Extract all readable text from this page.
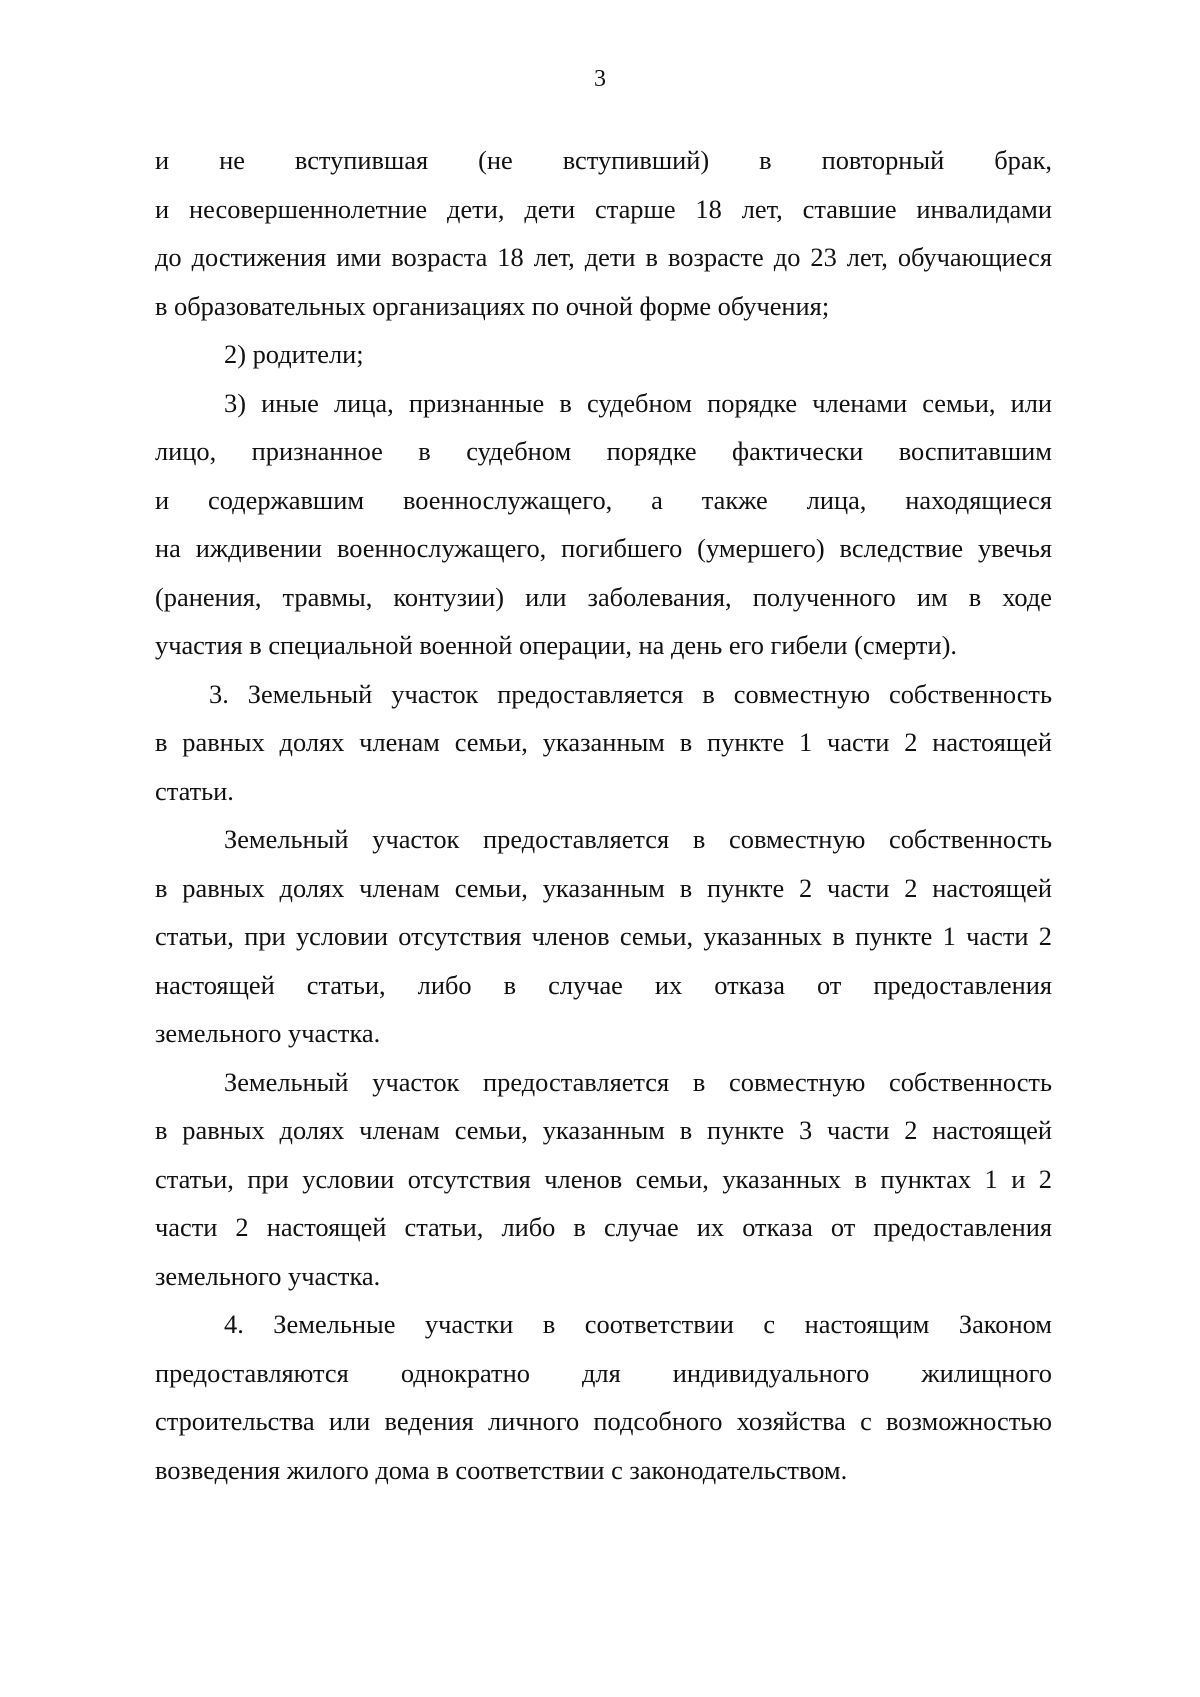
3
и не вступившая (не вступивший) в повторный брак,
и несовершеннолетние дети, дети старше 18 лет, ставшие инвалидами
до достижения ими возраста 18 лет, дети в возрасте до 23 лет, обучающиеся
в образовательных организациях по очной форме обучения;
2) родители;
3) иные лица, признанные в судебном порядке членами семьи, или
лицо, признанное в судебном порядке фактически воспитавшим
и содержавшим военнослужащего, а также лица, находящиеся
на иждивении военнослужащего, погибшего (умершего) вследствие увечья
(ранения, травмы, контузии) или заболевания, полученного им в ходе
участия в специальной военной операции, на день его гибели (смерти).
3. Земельный участок предоставляется в совместную собственность
в равных долях членам семьи, указанным в пункте 1 части 2 настоящей
статьи.
Земельный участок предоставляется в совместную собственность
в равных долях членам семьи, указанным в пункте 2 части 2 настоящей
статьи, при условии отсутствия членов семьи, указанных в пункте 1 части 2
настоящей статьи, либо в случае их отказа от предоставления
земельного участка.
Земельный участок предоставляется в совместную собственность
в равных долях членам семьи, указанным в пункте 3 части 2 настоящей
статьи, при условии отсутствия членов семьи, указанных в пунктах 1 и 2
части 2 настоящей статьи, либо в случае их отказа от предоставления
земельного участка.
4. Земельные участки в соответствии с настоящим Законом
предоставляются однократно для индивидуального жилищного
строительства или ведения личного подсобного хозяйства с возможностью
возведения жилого дома в соответствии с законодательством.
